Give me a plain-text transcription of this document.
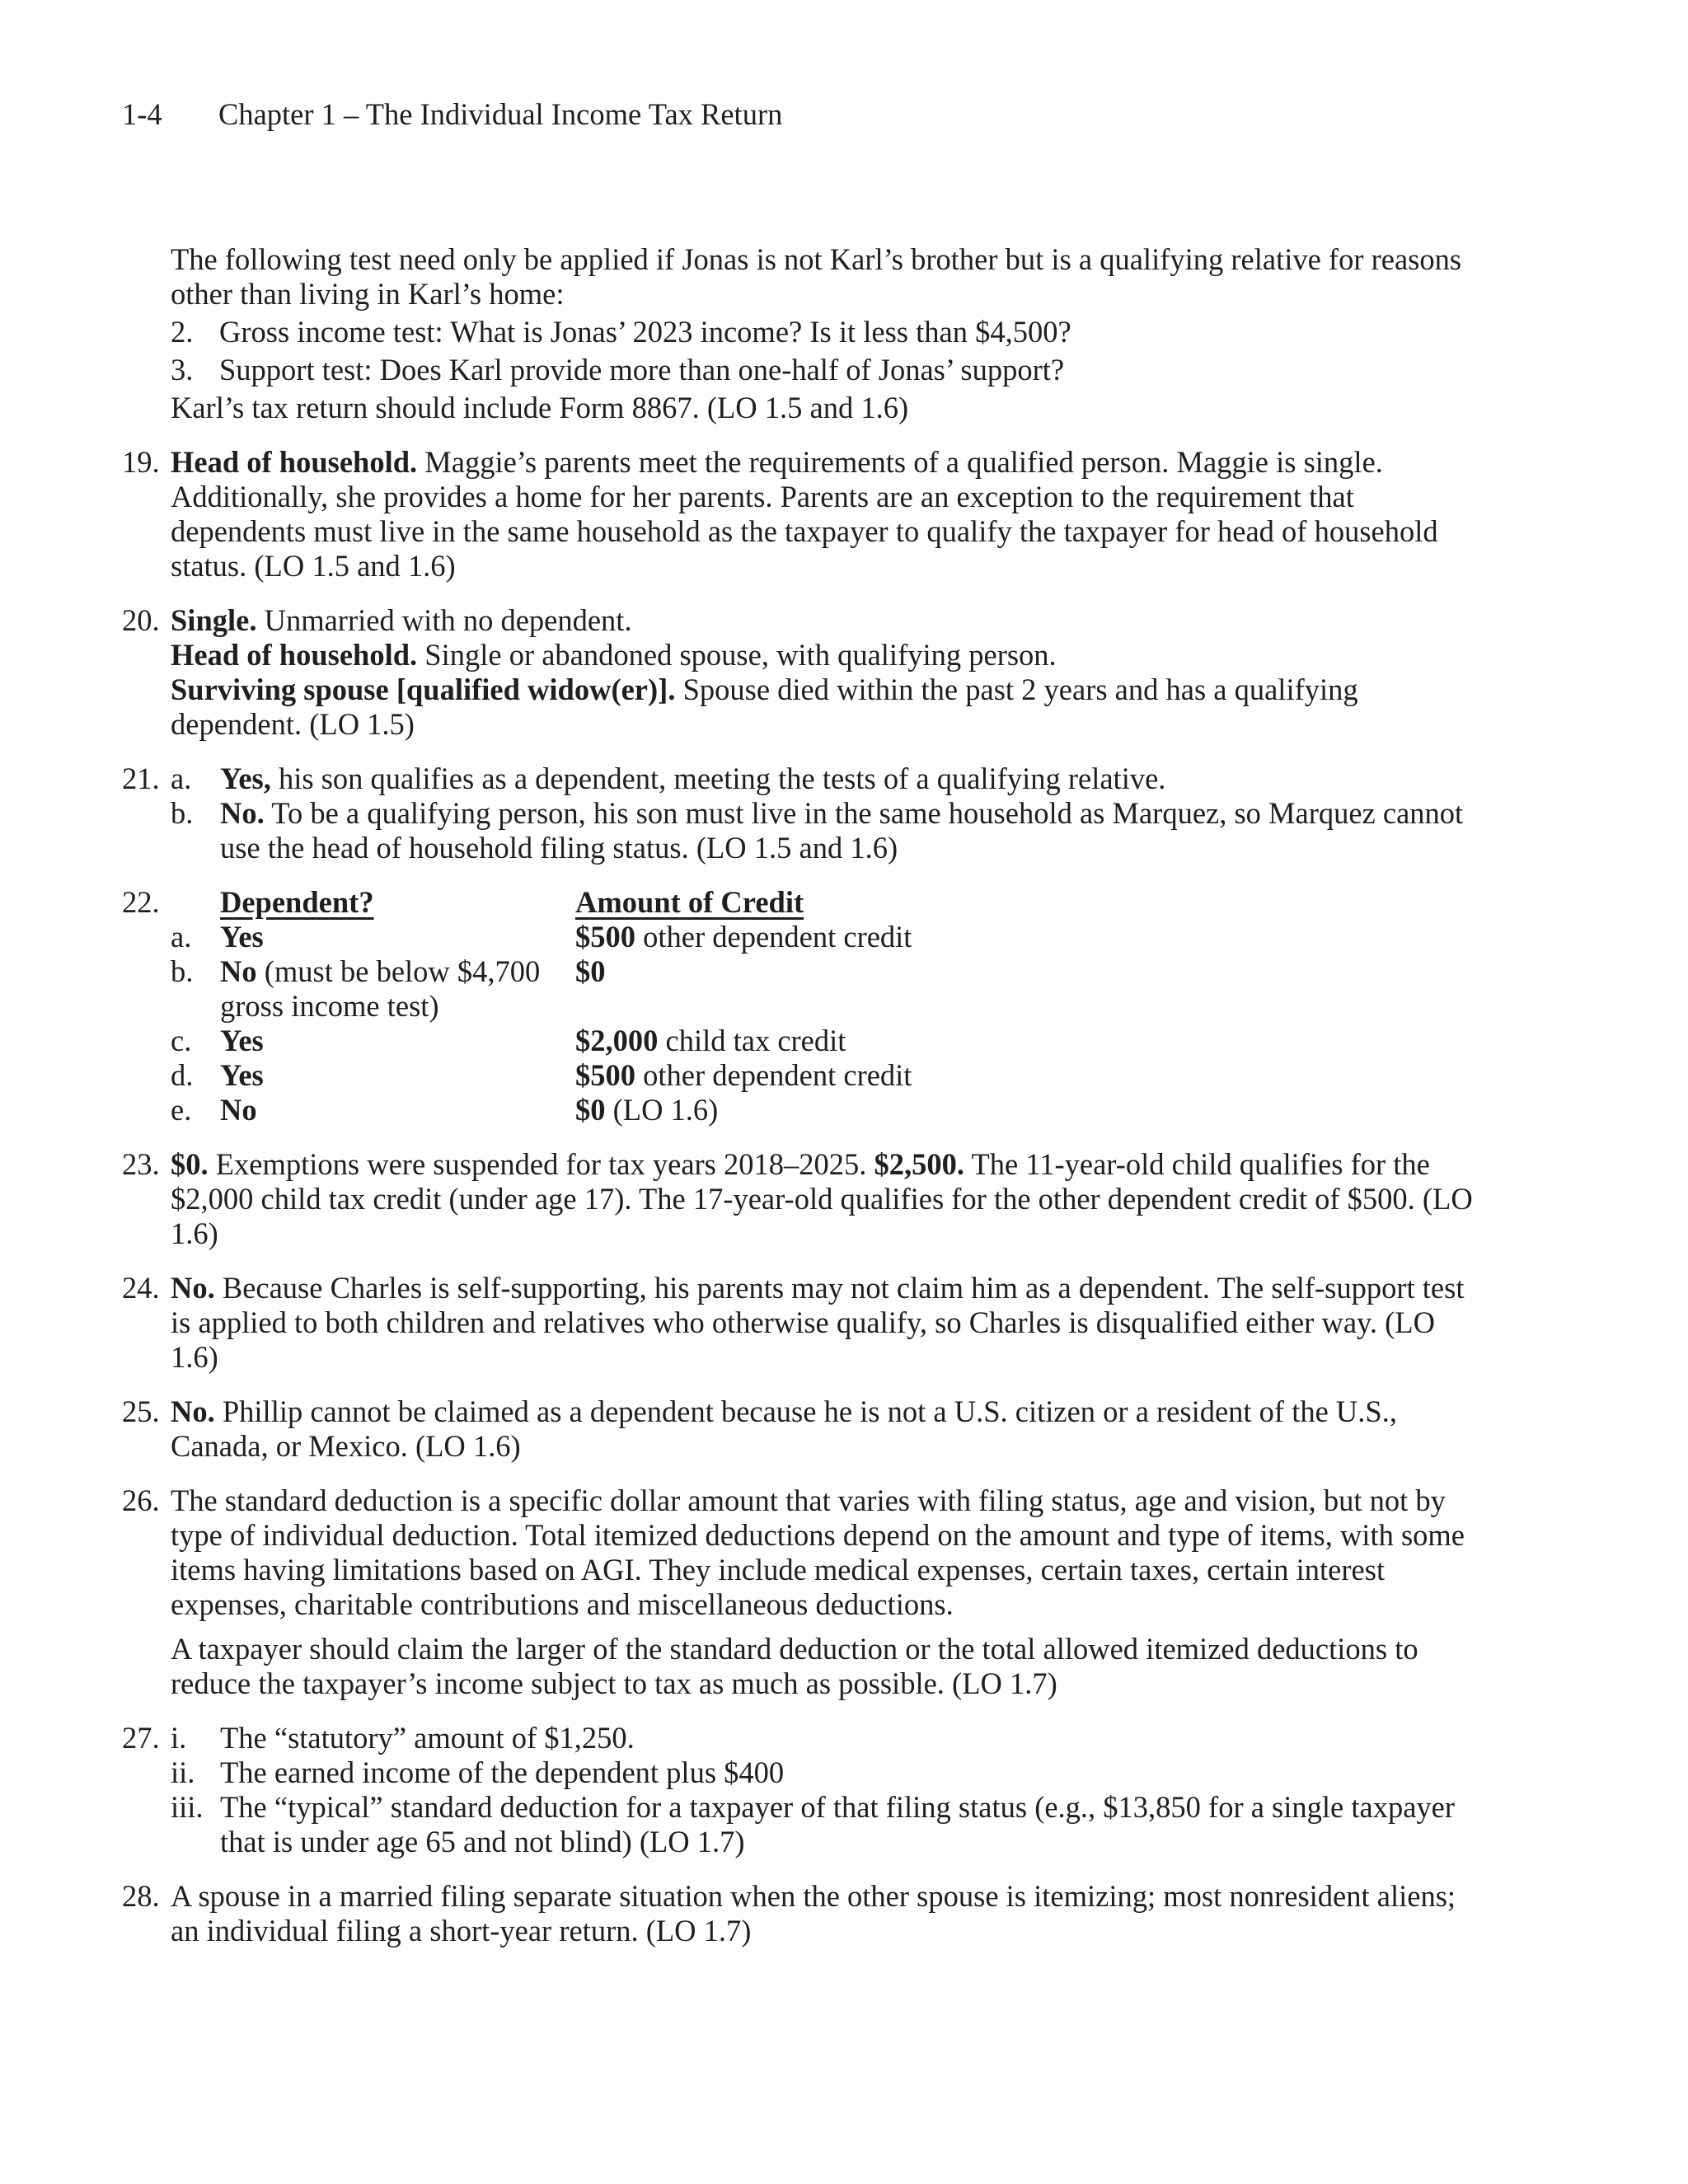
1-4 Chapter 1 – The Individual Income Tax Return
The following test need only be applied if Jonas is not Karl’s brother but is a qualifying relative for reasons other than living in Karl’s home:
2. Gross income test: What is Jonas’ 2023 income? Is it less than $4,500?
3. Support test: Does Karl provide more than one-half of Jonas’ support?
Karl’s tax return should include Form 8867. (LO 1.5 and 1.6)
19. Head of household. Maggie’s parents meet the requirements of a qualified person. Maggie is single. Additionally, she provides a home for her parents. Parents are an exception to the requirement that dependents must live in the same household as the taxpayer to qualify the taxpayer for head of household status. (LO 1.5 and 1.6)
20. Single. Unmarried with no dependent.
Head of household. Single or abandoned spouse, with qualifying person.
Surviving spouse [qualified widow(er)]. Spouse died within the past 2 years and has a qualifying dependent. (LO 1.5)
21. a. Yes, his son qualifies as a dependent, meeting the tests of a qualifying relative.
b. No. To be a qualifying person, his son must live in the same household as Marquez, so Marquez cannot use the head of household filing status. (LO 1.5 and 1.6)
22.
		Dependent?	Amount of Credit
a.	Yes	$500 other dependent credit
b.	No (must be below $4,700 gross income test)	$0
c.	Yes	$2,000 child tax credit
d.	Yes	$500 other dependent credit
e.	No	$0 (LO 1.6)
23. $0. Exemptions were suspended for tax years 2018–2025. $2,500. The 11-year-old child qualifies for the $2,000 child tax credit (under age 17). The 17-year-old qualifies for the other dependent credit of $500. (LO 1.6)
24. No. Because Charles is self-supporting, his parents may not claim him as a dependent. The self-support test is applied to both children and relatives who otherwise qualify, so Charles is disqualified either way. (LO 1.6)
25. No. Phillip cannot be claimed as a dependent because he is not a U.S. citizen or a resident of the U.S., Canada, or Mexico. (LO 1.6)
26. The standard deduction is a specific dollar amount that varies with filing status, age and vision, but not by type of individual deduction. Total itemized deductions depend on the amount and type of items, with some items having limitations based on AGI. They include medical expenses, certain taxes, certain interest expenses, charitable contributions and miscellaneous deductions.
A taxpayer should claim the larger of the standard deduction or the total allowed itemized deductions to reduce the taxpayer’s income subject to tax as much as possible. (LO 1.7)
27. i.	The “statutory” amount of $1,250.
ii. The earned income of the dependent plus $400
iii. The “typical” standard deduction for a taxpayer of that filing status (e.g., $13,850 for a single taxpayer that is under age 65 and not blind) (LO 1.7)
28. A spouse in a married filing separate situation when the other spouse is itemizing; most nonresident aliens; an individual filing a short-year return. (LO 1.7)
